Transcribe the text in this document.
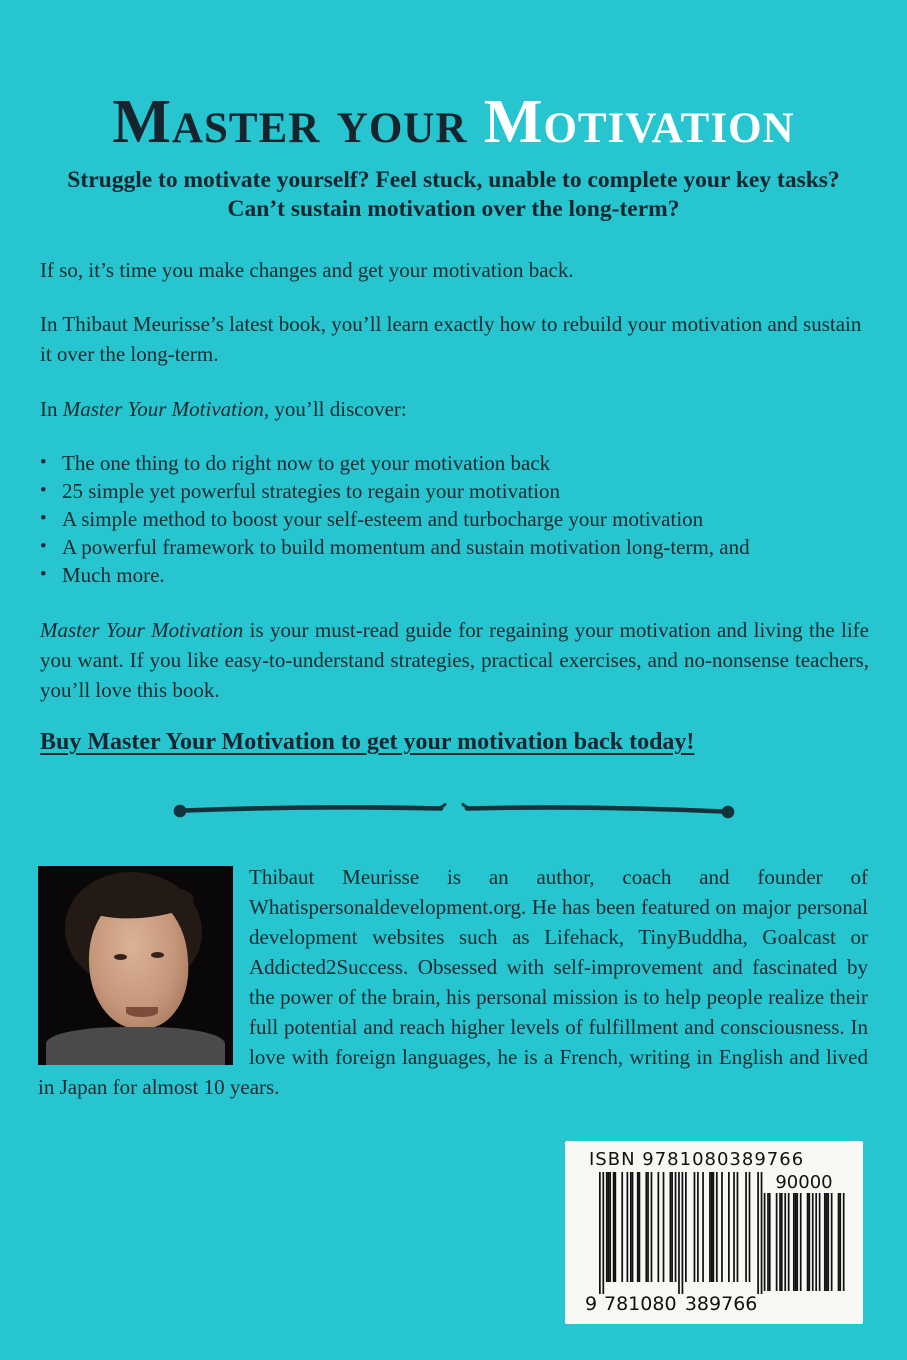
Master your Motivation

Struggle to motivate yourself? Feel stuck, unable to complete your key tasks? Can’t sustain motivation over the long-term?

If so, it’s time you make changes and get your motivation back.

In Thibaut Meurisse’s latest book, you’ll learn exactly how to rebuild your motivation and sustain it over the long-term.

In Master Your Motivation, you’ll discover:

• The one thing to do right now to get your motivation back
• 25 simple yet powerful strategies to regain your motivation
• A simple method to boost your self-esteem and turbocharge your motivation
• A powerful framework to build momentum and sustain motivation long-term, and
• Much more.

Master Your Motivation is your must-read guide for regaining your motivation and living the life you want. If you like easy-to-understand strategies, practical exercises, and no-nonsense teachers, you’ll love this book.

Buy Master Your Motivation to get your motivation back today!

Thibaut Meurisse is an author, coach and founder of Whatispersonaldevelopment.org. He has been featured on major personal development websites such as Lifehack, TinyBuddha, Goalcast or Addicted2Success. Obsessed with self-improvement and fascinated by the power of the brain, his personal mission is to help people realize their full potential and reach higher levels of fulfillment and consciousness. In love with foreign languages, he is a French, writing in English and lived in Japan for almost 10 years.

ISBN 9781080389766
9 781080 389766
90000
